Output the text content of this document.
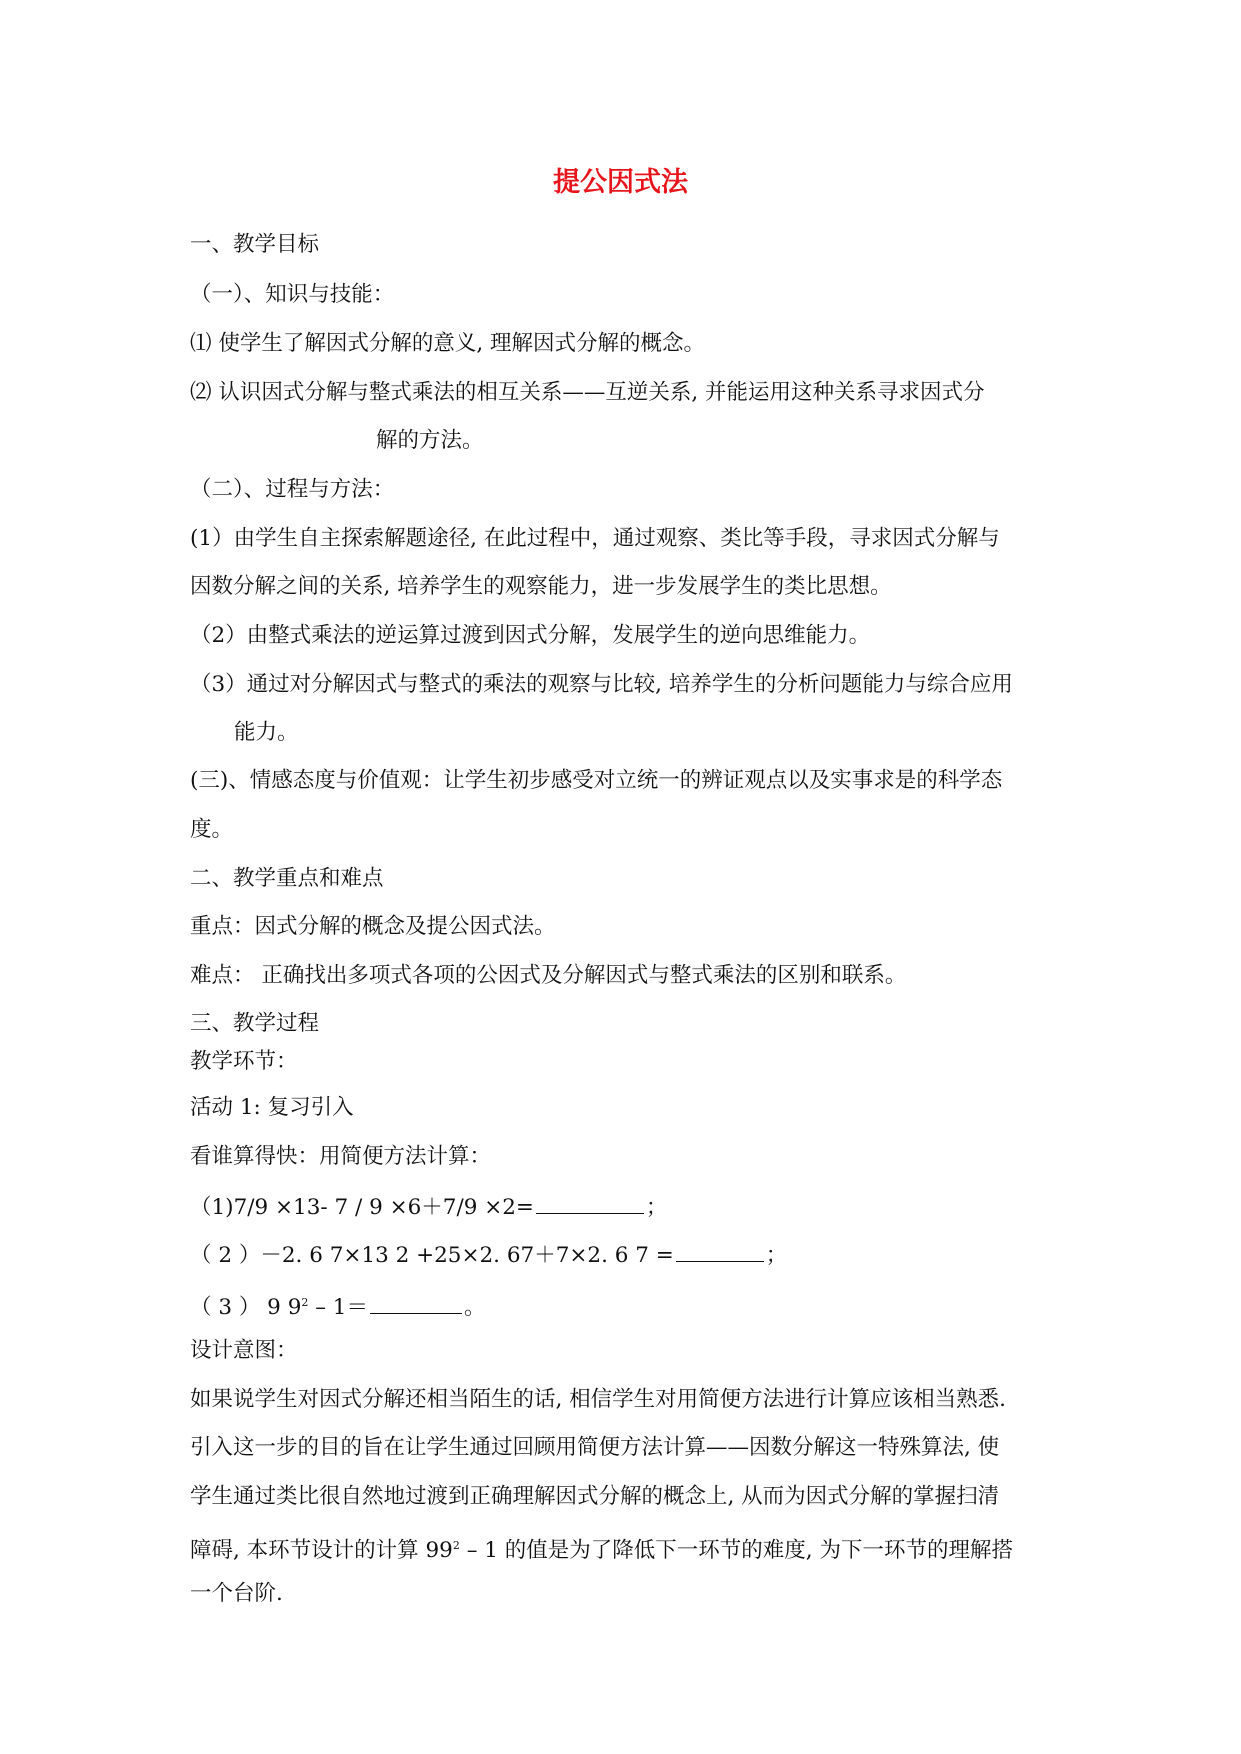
提公因式法
一、教学目标
（一）、知识与技能：
⑴ 使学生了解因式分解的意义, 理解因式分解的概念。
⑵ 认识因式分解与整式乘法的相互关系——互逆关系, 并能运用这种关系寻求因式分
解的方法。
（二）、过程与方法：
(1）由学生自主探索解题途径, 在此过程中，通过观察、类比等手段，寻求因式分解与
因数分解之间的关系, 培养学生的观察能力，进一步发展学生的类比思想。
（2）由整式乘法的逆运算过渡到因式分解，发展学生的逆向思维能力。
（3）通过对分解因式与整式的乘法的观察与比较, 培养学生的分析问题能力与综合应用
能力。
(三)、情感态度与价值观：让学生初步感受对立统一的辨证观点以及实事求是的科学态
度。
二、教学重点和难点
重点：因式分解的概念及提公因式法。
难点： 正确找出多项式各项的公因式及分解因式与整式乘法的区别和联系。
三、教学过程
教学环节：
活动 1: 复习引入
看谁算得快：用简便方法计算：
（1)7/9 ×13- 7 / 9 ×6＋7/9 ×2=	；
（ 2 ）－2. 6 7×13 2 +25×2. 67＋7×2. 6 7 =	；
（ 3 ） 9 $9^2 - 1=$	。
设计意图：
如果说学生对因式分解还相当陌生的话, 相信学生对用简便方法进行计算应该相当熟悉.
引入这一步的目的旨在让学生通过回顾用简便方法计算——因数分解这一特殊算法, 使
学生通过类比很自然地过渡到正确理解因式分解的概念上, 从而为因式分解的掌握扫清
障碍, 本环节设计的计算 $99^2 - 1$ 的值是为了降低下一环节的难度, 为下一环节的理解搭
一个台阶.
